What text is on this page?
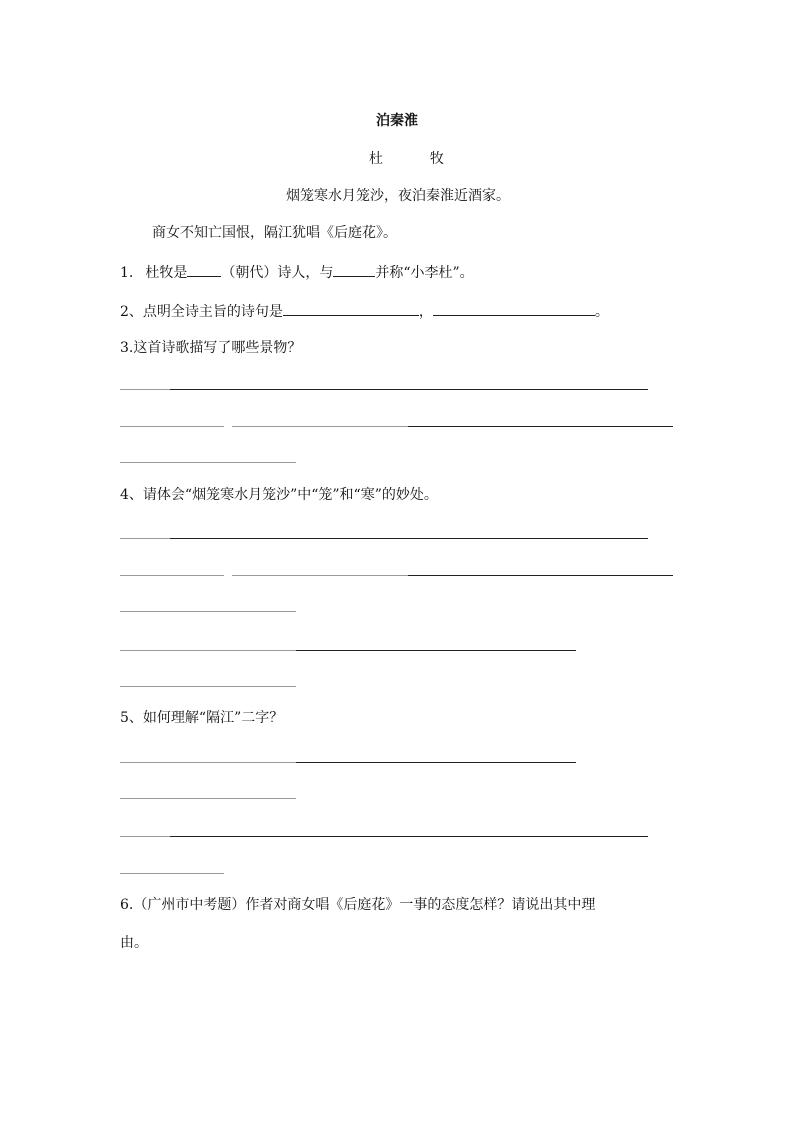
泊秦淮
杜	牧
烟笼寒水月笼沙，夜泊秦淮近酒家。
商女不知亡国恨，隔江犹唱《后庭花》。
1. 杜牧是 （朝代）诗人，与	并称“小李杜”。
2、点明全诗主旨的诗句是	，	。
3.这首诗歌描写了哪些景物？
4、请体会“烟笼寒水月笼沙”中“笼”和“寒”的妙处。
5、如何理解“隔江”二字？
6.（广州市中考题）作者对商女唱《后庭花》一事的态度怎样？请说出其中理
由。
